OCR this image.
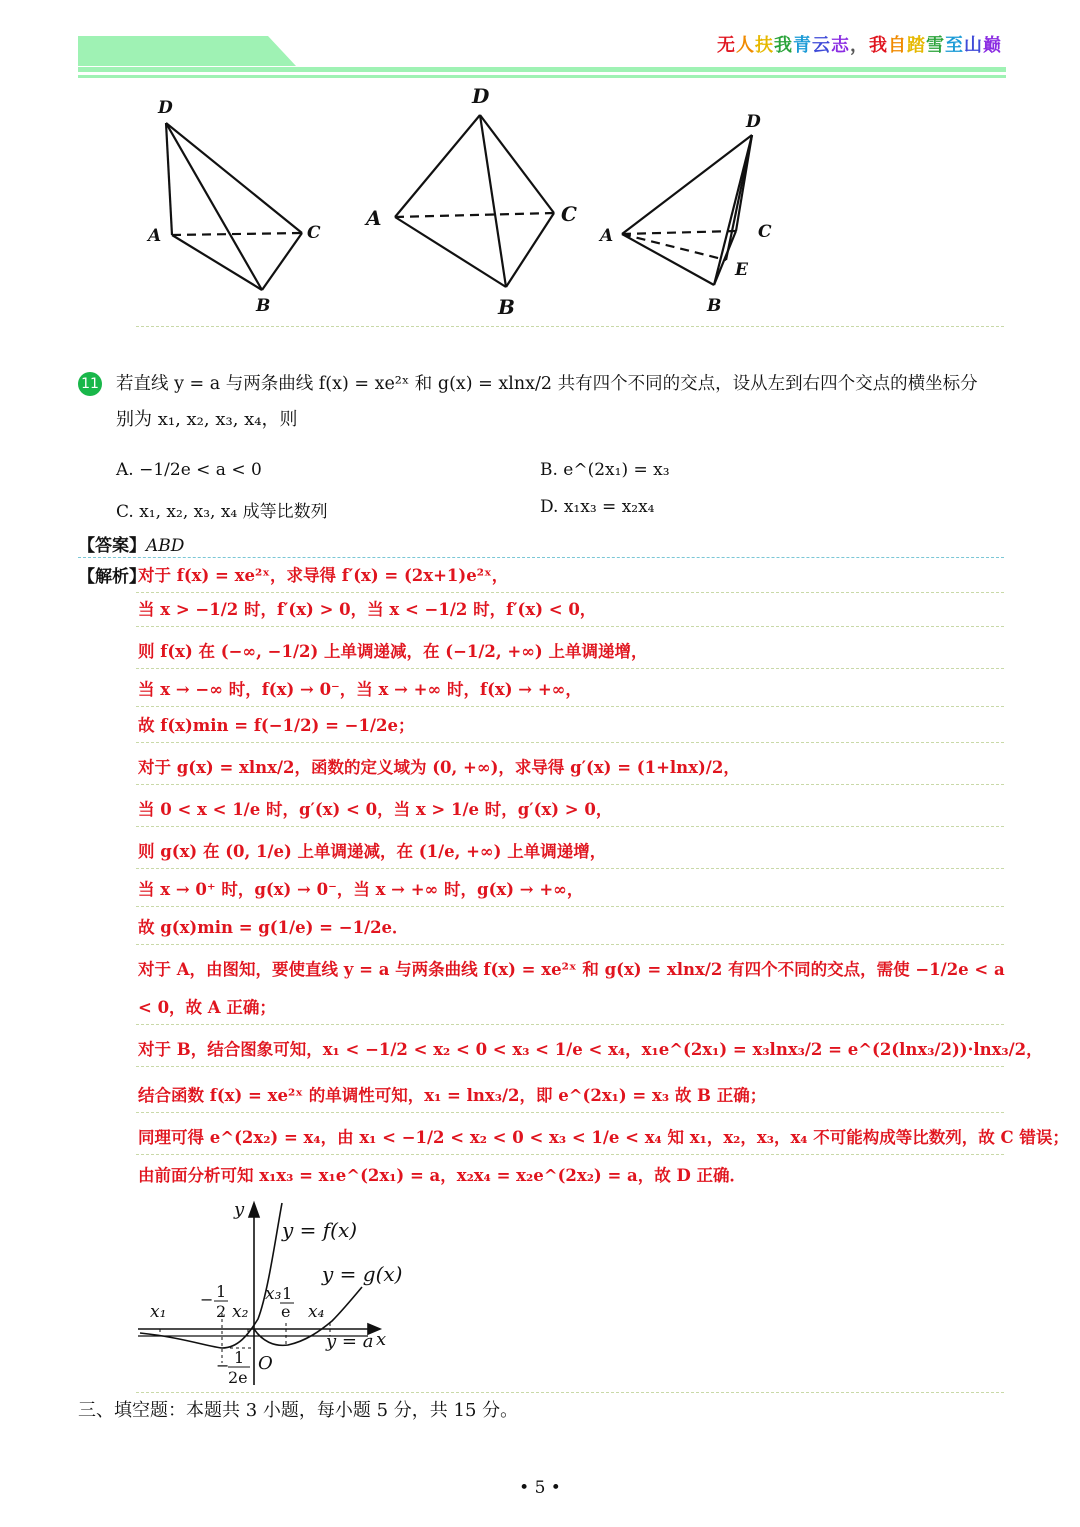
无人扶我青云志，我自踏雪至山巅
D
A	C
B
D
A	C
B
D
A	C
E
B
11 若直线 y = a 与两条曲线 f(x) = xe²ˣ 和 g(x) = xlnx/2 共有四个不同的交点，设从左到右四个交点的横坐标分
别为 x₁, x₂, x₃, x₄，则
A. −1/2e < a < 0	B. e^(2x₁) = x₃
C. x₁, x₂, x₃, x₄ 成等比数列	D. x₁x₃ = x₂x₄
【答案】ABD
【解析】
对于 f(x) = xe²ˣ，求导得 f′(x) = (2x+1)e²ˣ，
当 x > −1/2 时，f′(x) > 0，当 x < −1/2 时，f′(x) < 0，
则 f(x) 在 (−∞, −1/2) 上单调递减，在 (−1/2, +∞) 上单调递增，
当 x → −∞ 时，f(x) → 0⁻，当 x → +∞ 时，f(x) → +∞，
故 f(x)min = f(−1/2) = −1/2e；
对于 g(x) = xlnx/2，函数的定义域为 (0, +∞)，求导得 g′(x) = (1+lnx)/2，
当 0 < x < 1/e 时，g′(x) < 0，当 x > 1/e 时，g′(x) > 0，
则 g(x) 在 (0, 1/e) 上单调递减，在 (1/e, +∞) 上单调递增，
当 x → 0⁺ 时，g(x) → 0⁻，当 x → +∞ 时，g(x) → +∞，
故 g(x)min = g(1/e) = −1/2e．
对于 A，由图知，要使直线 y = a 与两条曲线 f(x) = xe²ˣ 和 g(x) = xlnx/2 有四个不同的交点，需使 −1/2e < a
< 0，故 A 正确；
对于 B，结合图象可知，x₁ < −1/2 < x₂ < 0 < x₃ < 1/e < x₄，x₁e^(2x₁) = x₃lnx₃/2 = e^(2(lnx₃/2))·lnx₃/2，
结合函数 f(x) = xe²ˣ 的单调性可知，x₁ = lnx₃/2，即 e^(2x₁) = x₃ 故 B 正确；
同理可得 e^(2x₂) = x₄，由 x₁ < −1/2 < x₂ < 0 < x₃ < 1/e < x₄ 知 x₁，x₂，x₃，x₄ 不可能构成等比数列，故 C 错误；
由前面分析可知 x₁x₃ = x₁e^(2x₁) = a，x₂x₄ = x₂e^(2x₂) = a，故 D 正确．
y
x
O
y = f(x)
y = g(x)
y = a
x₁	x₂
x₃
x₄
− 1
2
1
e
− 1
2e
三、填空题：本题共 3 小题，每小题 5 分，共 15 分。
• 5 •
